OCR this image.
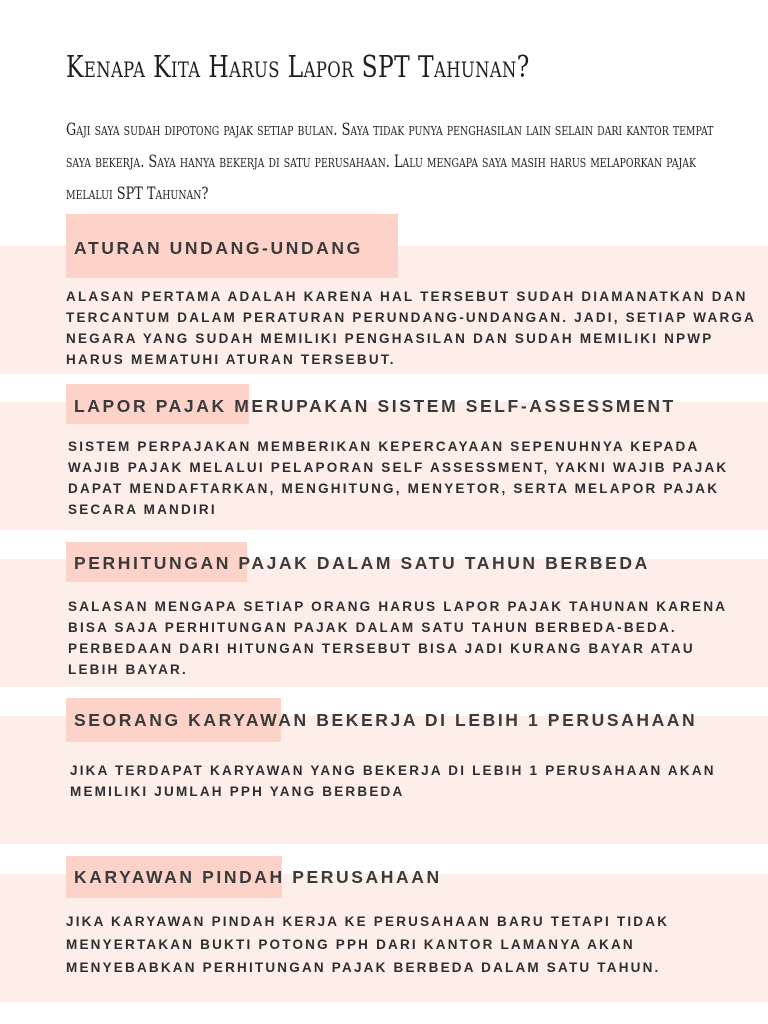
Kenapa Kita Harus Lapor SPT Tahunan?

Gaji saya sudah dipotong pajak setiap bulan. Saya tidak punya penghasilan lain selain dari kantor tempat saya bekerja. Saya hanya bekerja di satu perusahaan. Lalu mengapa saya masih harus melaporkan pajak melalui SPT Tahunan?

ATURAN UNDANG-UNDANG

ALASAN PERTAMA ADALAH KARENA HAL TERSEBUT SUDAH DIAMANATKAN DAN TERCANTUM DALAM PERATURAN PERUNDANG-UNDANGAN. JADI, SETIAP WARGA NEGARA YANG SUDAH MEMILIKI PENGHASILAN DAN SUDAH MEMILIKI NPWP HARUS MEMATUHI ATURAN TERSEBUT.

LAPOR PAJAK MERUPAKAN SISTEM SELF-ASSESSMENT

SISTEM PERPAJAKAN MEMBERIKAN KEPERCAYAAN SEPENUHNYA KEPADA WAJIB PAJAK MELALUI PELAPORAN SELF ASSESSMENT, YAKNI WAJIB PAJAK DAPAT MENDAFTARKAN, MENGHITUNG, MENYETOR, SERTA MELAPOR PAJAK SECARA MANDIRI

PERHITUNGAN PAJAK DALAM SATU TAHUN BERBEDA

SALASAN MENGAPA SETIAP ORANG HARUS LAPOR PAJAK TAHUNAN KARENA BISA SAJA PERHITUNGAN PAJAK DALAM SATU TAHUN BERBEDA-BEDA. PERBEDAAN DARI HITUNGAN TERSEBUT BISA JADI KURANG BAYAR ATAU LEBIH BAYAR.

SEORANG KARYAWAN BEKERJA DI LEBIH 1 PERUSAHAAN

JIKA TERDAPAT KARYAWAN YANG BEKERJA DI LEBIH 1 PERUSAHAAN AKAN MEMILIKI JUMLAH PPH YANG BERBEDA

KARYAWAN PINDAH PERUSAHAAN

JIKA KARYAWAN PINDAH KERJA KE PERUSAHAAN BARU TETAPI TIDAK MENYERTAKAN BUKTI POTONG PPH DARI KANTOR LAMANYA AKAN MENYEBABKAN PERHITUNGAN PAJAK BERBEDA DALAM SATU TAHUN.
